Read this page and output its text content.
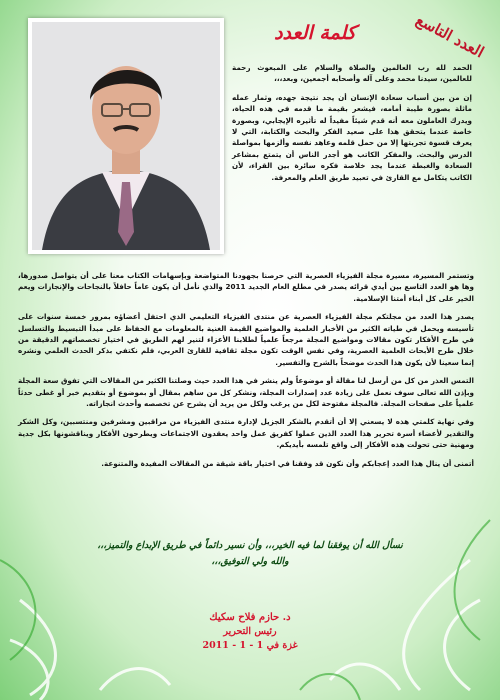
العدد التاسع
كلمة العدد

الحمد لله رب العالمين والصلاة والسلام على المبعوث رحمة للعالمين، سيدنا محمد وعلى آله وأصحابه أجمعين، وبعد،،،

إن من بين أسباب سعادة الإنسان أن يجد نتيجة جهده، وثمار عمله ماثلة بصورة طيبة أمامه، فيشعر بقيمة ما قدمه في هذه الحياة، ويدرك العاملون معه أنه قدم شيئاً مفيداً له تأثيره الإيجابي، وبصورة خاصة عندما يتحقق هذا على صعيد الفكر والبحث والكتابة، التي لا يعرف قسوة تجربتها إلا من حمل قلمه وعاهد نفسه وألزمها بمواصلة الدرس والبحث. والمفكر الكاتب هو أجدر الناس أن يتمتع بمشاعر السعادة والغبطة عندما يجد خلاصة فكره سائرة بين القراء، لأن الكاتب يتكامل مع القارئ في تعبيد طريق العلم والمعرفة.

وتستمر المسيرة، مسيرة مجلة الفيزياء العصرية التي حرصنا بجهودنا المتواضعة وبإسهامات الكتاب معنا على أن يتواصل صدورها، وها هو العدد التاسع بين أيدي قرائه يصدر في مطلع العام الجديد 2011 والذي نأمل أن يكون عاماً حافلاً بالنجاحات والإنجازات ويعم الخير على كل أبناء أمتنا الإسلامية.

يصدر هذا العدد من مجلتكم مجلة الفيزياء العصرية عن منتدى الفيزياء التعليمي الذي احتفل أعضاؤه بمرور خمسة سنوات على تأسيسه ويحمل في طياته الكثير من الأخبار العلمية والمواضيع القيمة الغنية بالمعلومات مع الحفاظ على مبدأ التبسيط والتسلسل في طرح الأفكار تكون مقالات ومواضيع المجلة مرجعاً علمياً لطلابنا الأعزاء لتنير لهم الطريق في اختيار تخصصاتهم الدقيقة من خلال طرح الأبحاث العلمية العصرية، وفي نفس الوقت تكون مجلة ثقافية للقارئ العربي، فلم نكتفي بذكر الحدث العلمي ونشره إنما سعينا لأن يكون هذا الحدث موضحاً بالشرح والتفسير.

التمس العذر من كل من أرسل لنا مقالة أو موضوعاً ولم ينشر في هذا العدد حيث وصلتنا الكثير من المقالات التي تفوق سعة المجلة وبإذن الله تعالى سوف نعمل على زيادة عدد إصدارات المجلة، ونشكر كل من ساهم بمقال أو بموضوع أو بتقديم خبر أو غطى حدثاً علمياً على صفحات المجلة. فالمجلة مفتوحة لكل من يرغب ولكل من يريد أن يشرح عن تخصصه وأحدث انجازاته.

وفي نهاية كلمتي هذه لا يسعني إلا أن أتقدم بالشكر الجزيل لإدارة منتدى الفيزياء من مراقبين ومشرفين ومنتسبين، وكل الشكر والتقدير لأعضاء أسرة تحرير هذا العدد الذين عملوا كفريق عمل واحد يعقدون الاجتماعات ويطرحون الأفكار ويناقشونها بكل جدية ومهنية حتى تحولت هذه الأفكار إلى واقع تلمسه بأيديكم.

أتمنى أن ينال هذا العدد إعجابكم وأن نكون قد وفقنا في اختيار باقة شيقة من المقالات المفيدة والمتنوعة.

نسأل الله أن يوفقنا لما فيه الخير،،، وأن نسير دائماً في طريق الإبداع والتميز،،،
والله ولي التوفيق،،،
د. حازم فلاح سكيك
رئيس التحرير
غزة في 1 - 1 - 2011
